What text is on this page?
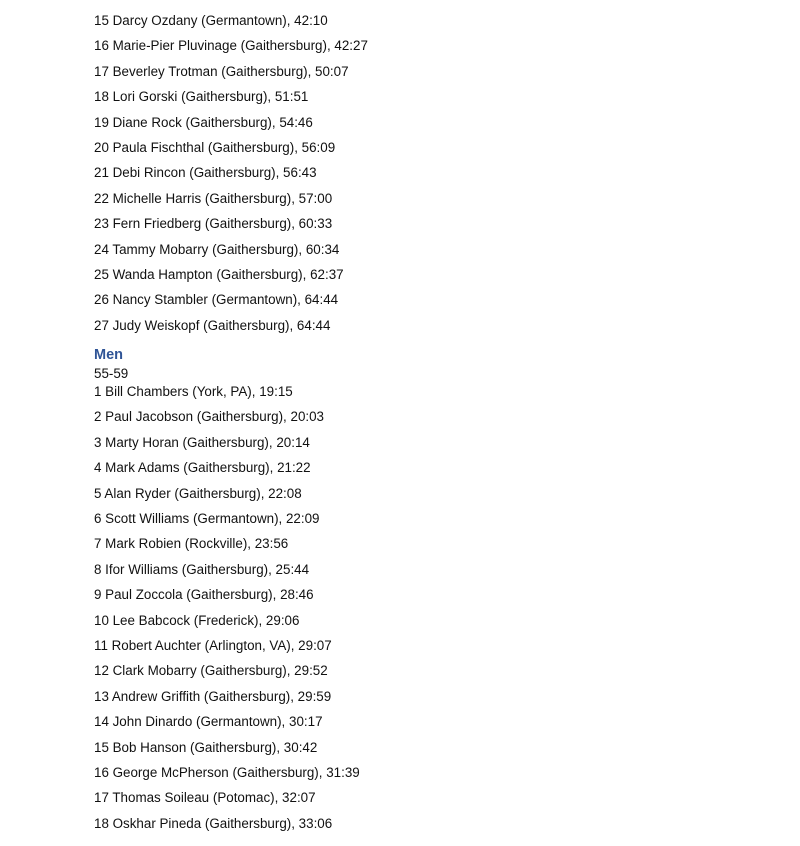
15 Darcy Ozdany (Germantown), 42:10
16 Marie-Pier Pluvinage (Gaithersburg), 42:27
17 Beverley Trotman (Gaithersburg), 50:07
18 Lori Gorski (Gaithersburg), 51:51
19 Diane Rock (Gaithersburg), 54:46
20 Paula Fischthal (Gaithersburg), 56:09
21 Debi Rincon (Gaithersburg), 56:43
22 Michelle Harris (Gaithersburg), 57:00
23 Fern Friedberg (Gaithersburg), 60:33
24 Tammy Mobarry (Gaithersburg), 60:34
25 Wanda Hampton (Gaithersburg), 62:37
26 Nancy Stambler (Germantown), 64:44
27 Judy Weiskopf (Gaithersburg), 64:44
Men
55-59
1 Bill Chambers (York, PA), 19:15
2 Paul Jacobson (Gaithersburg), 20:03
3 Marty Horan (Gaithersburg), 20:14
4 Mark Adams (Gaithersburg), 21:22
5 Alan Ryder (Gaithersburg), 22:08
6 Scott Williams (Germantown), 22:09
7 Mark Robien (Rockville), 23:56
8 Ifor Williams (Gaithersburg), 25:44
9 Paul Zoccola (Gaithersburg), 28:46
10 Lee Babcock (Frederick), 29:06
11 Robert Auchter (Arlington, VA), 29:07
12 Clark Mobarry (Gaithersburg), 29:52
13 Andrew Griffith (Gaithersburg), 29:59
14 John Dinardo (Germantown), 30:17
15 Bob Hanson (Gaithersburg), 30:42
16 George McPherson (Gaithersburg), 31:39
17 Thomas Soileau (Potomac), 32:07
18 Oskhar Pineda (Gaithersburg), 33:06
